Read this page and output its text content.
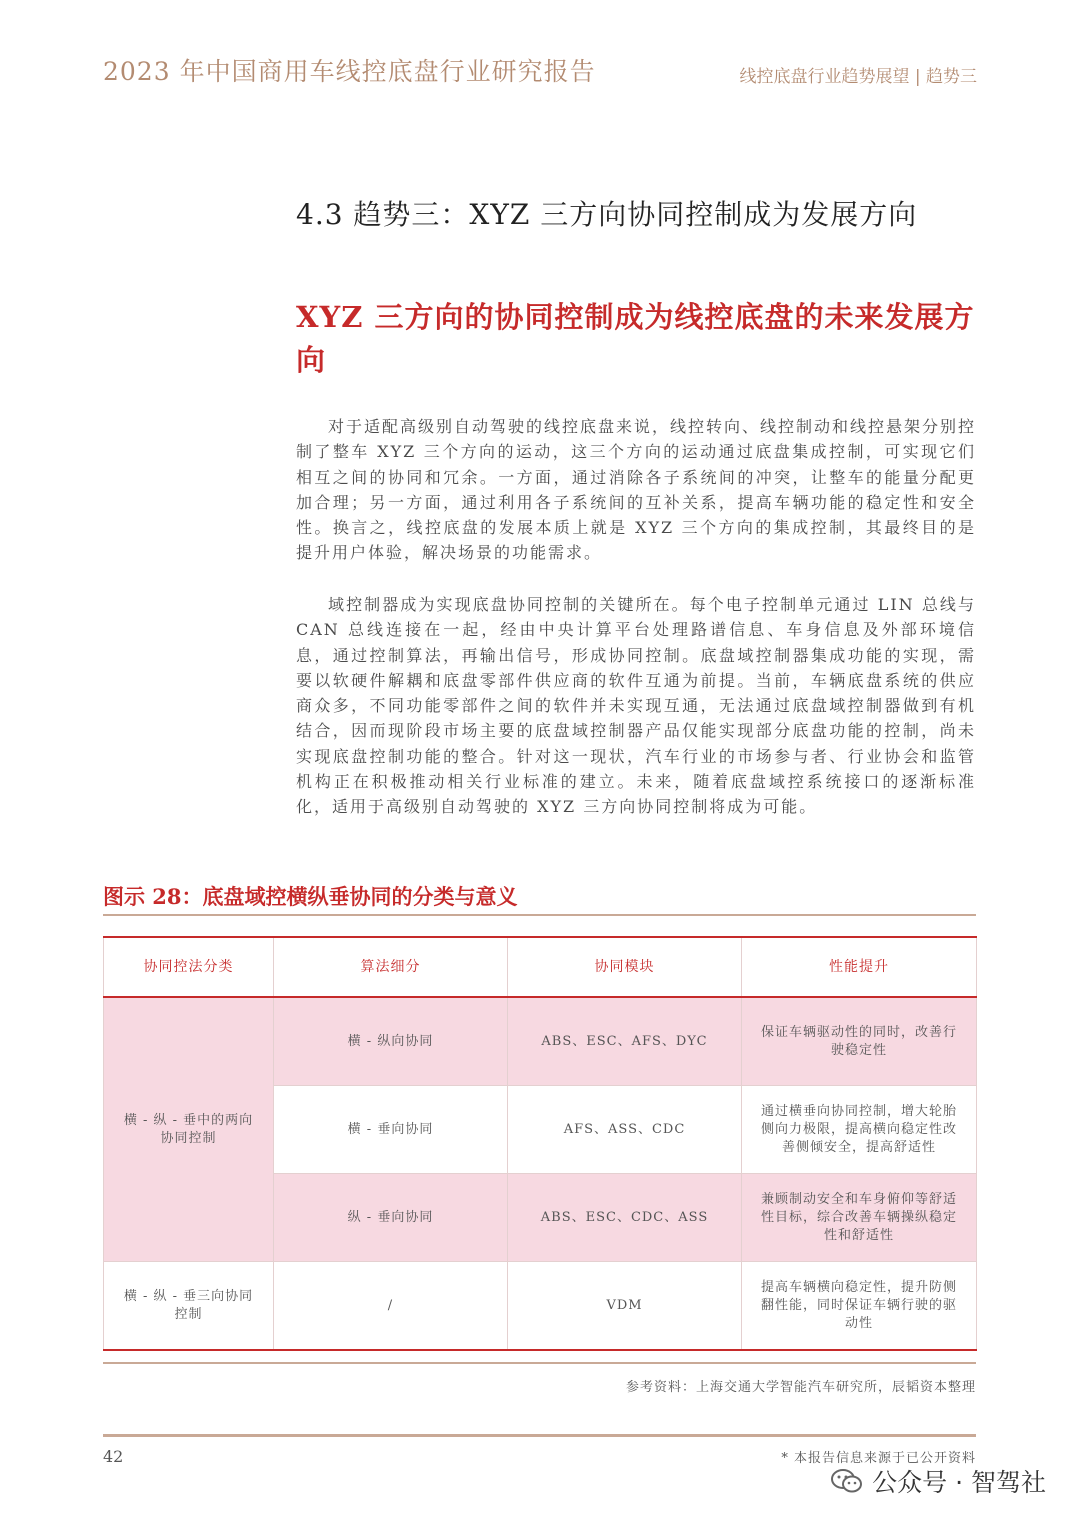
2023 年中国商用车线控底盘行业研究报告	线控底盘行业趋势展望 | 趋势三
4.3 趋势三：XYZ 三方向协同控制成为发展方向
XYZ 三方向的协同控制成为线控底盘的未来发展方向

对于适配高级别自动驾驶的线控底盘来说，线控转向、线控制动和线控悬架分别控制了整车 XYZ 三个方向的运动，这三个方向的运动通过底盘集成控制，可实现它们相互之间的协同和冗余。一方面，通过消除各子系统间的冲突，让整车的能量分配更加合理；另一方面，通过利用各子系统间的互补关系，提高车辆功能的稳定性和安全性。换言之，线控底盘的发展本质上就是 XYZ 三个方向的集成控制，其最终目的是提升用户体验，解决场景的功能需求。

域控制器成为实现底盘协同控制的关键所在。每个电子控制单元通过 LIN 总线与 CAN 总线连接在一起，经由中央计算平台处理路谱信息、车身信息及外部环境信息，通过控制算法，再输出信号，形成协同控制。底盘域控制器集成功能的实现，需要以软硬件解耦和底盘零部件供应商的软件互通为前提。当前，车辆底盘系统的供应商众多，不同功能零部件之间的软件并未实现互通，无法通过底盘域控制器做到有机结合，因而现阶段市场主要的底盘域控制器产品仅能实现部分底盘功能的控制，尚未实现底盘控制功能的整合。针对这一现状，汽车行业的市场参与者、行业协会和监管机构正在积极推动相关行业标准的建立。未来，随着底盘域控系统接口的逐渐标准化，适用于高级别自动驾驶的 XYZ 三方向协同控制将成为可能。

图示 28：底盘域控横纵垂协同的分类与意义
协同控法分类	算法细分	协同模块	性能提升
横 - 纵 - 垂中的两向协同控制	横 - 纵向协同	ABS、ESC、AFS、DYC	保证车辆驱动性的同时，改善行驶稳定性
	横 - 垂向协同	AFS、ASS、CDC	通过横垂向协同控制，增大轮胎侧向力极限，提高横向稳定性改善侧倾安全，提高舒适性
	纵 - 垂向协同	ABS、ESC、CDC、ASS	兼顾制动安全和车身俯仰等舒适性目标，综合改善车辆操纵稳定性和舒适性
横 - 纵 - 垂三向协同控制	/	VDM	提高车辆横向稳定性，提升防侧翻性能，同时保证车辆行驶的驱动性
参考资料：上海交通大学智能汽车研究所，辰韬资本整理
42	* 本报告信息来源于已公开资料
公众号 · 智驾社
